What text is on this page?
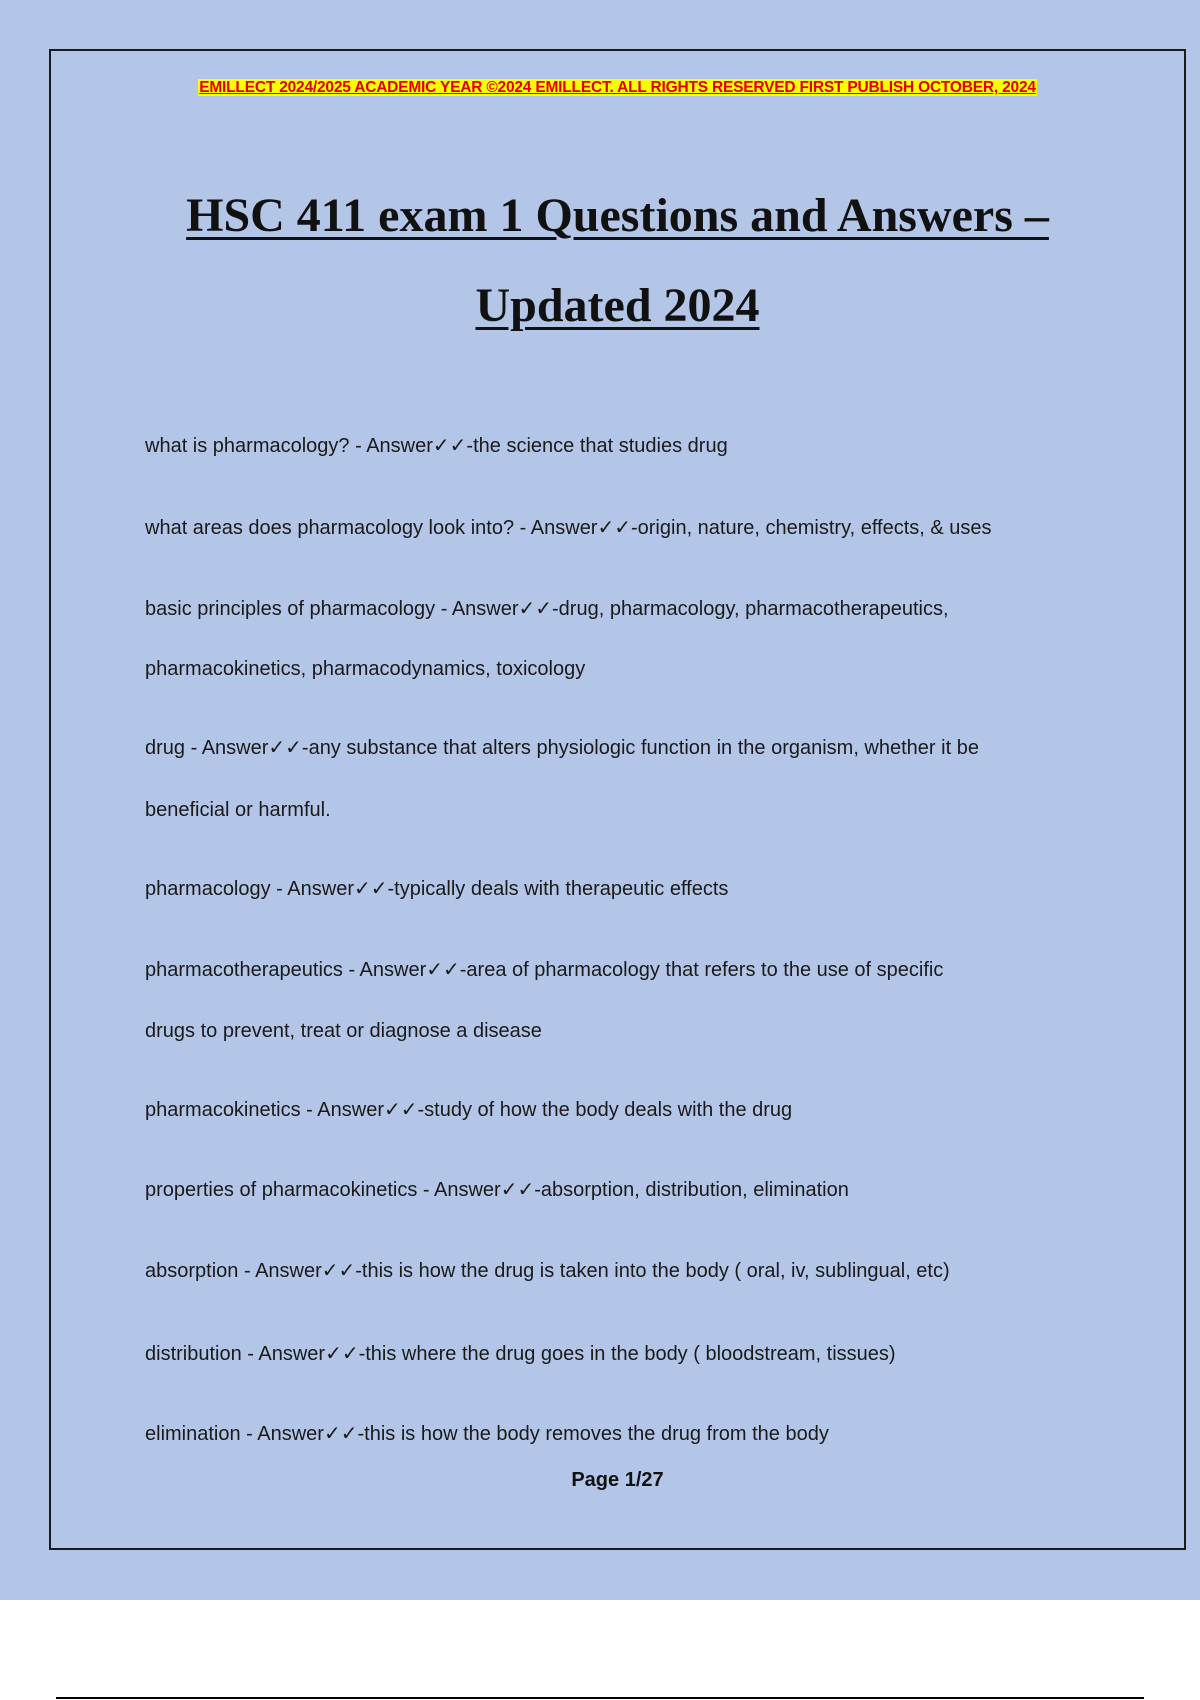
EMILLECT 2024/2025 ACADEMIC YEAR ©2024 EMILLECT. ALL RIGHTS RESERVED FIRST PUBLISH OCTOBER, 2024
HSC 411 exam 1 Questions and Answers –
Updated 2024
what is pharmacology? - Answer✓✓-the science that studies drug
what areas does pharmacology look into? - Answer✓✓-origin, nature, chemistry, effects, & uses
basic principles of pharmacology - Answer✓✓-drug, pharmacology, pharmacotherapeutics,
pharmacokinetics, pharmacodynamics, toxicology
drug - Answer✓✓-any substance that alters physiologic function in the organism, whether it be
beneficial or harmful.
pharmacology - Answer✓✓-typically deals with therapeutic effects
pharmacotherapeutics - Answer✓✓-area of pharmacology that refers to the use of specific
drugs to prevent, treat or diagnose a disease
pharmacokinetics - Answer✓✓-study of how the body deals with the drug
properties of pharmacokinetics - Answer✓✓-absorption, distribution, elimination
absorption - Answer✓✓-this is how the drug is taken into the body ( oral, iv, sublingual, etc)
distribution - Answer✓✓-this where the drug goes in the body ( bloodstream, tissues)
elimination - Answer✓✓-this is how the body removes the drug from the body
Page 1/27
